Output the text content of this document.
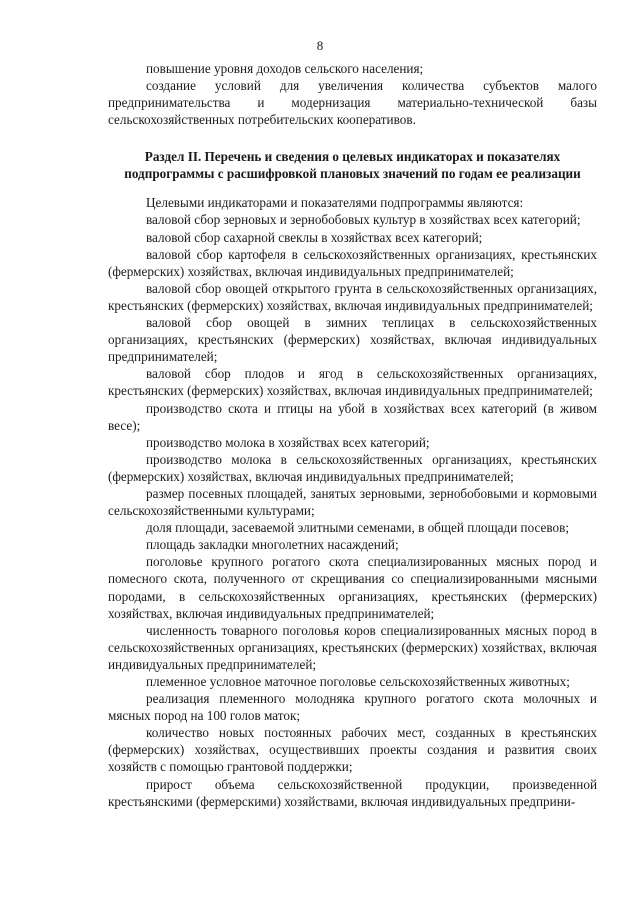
8

повышение уровня доходов сельского населения;

создание условий для увеличения количества субъектов малого предпринимательства и модернизация материально-технической базы сельскохозяйственных потребительских кооперативов.

Раздел II. Перечень и сведения о целевых индикаторах и показателях подпрограммы с расшифровкой плановых значений по годам ее реализации

Целевыми индикаторами и показателями подпрограммы являются:

валовой сбор зерновых и зернобобовых культур в хозяйствах всех категорий;

валовой сбор сахарной свеклы в хозяйствах всех категорий;

валовой сбор картофеля в сельскохозяйственных организациях, крестьянских (фермерских) хозяйствах, включая индивидуальных предпринимателей;

валовой сбор овощей открытого грунта в сельскохозяйственных организациях, крестьянских (фермерских) хозяйствах, включая индивидуальных предпринимателей;

валовой сбор овощей в зимних теплицах в сельскохозяйственных организациях, крестьянских (фермерских) хозяйствах, включая индивидуальных предпринимателей;

валовой сбор плодов и ягод в сельскохозяйственных организациях, крестьянских (фермерских) хозяйствах, включая индивидуальных предпринимателей;

производство скота и птицы на убой в хозяйствах всех категорий (в живом весе);

производство молока в хозяйствах всех категорий;

производство молока в сельскохозяйственных организациях, крестьянских (фермерских) хозяйствах, включая индивидуальных предпринимателей;

размер посевных площадей, занятых зерновыми, зернобобовыми и кормовыми сельскохозяйственными культурами;

доля площади, засеваемой элитными семенами, в общей площади посевов;

площадь закладки многолетних насаждений;

поголовье крупного рогатого скота специализированных мясных пород и помесного скота, полученного от скрещивания со специализированными мясными породами, в сельскохозяйственных организациях, крестьянских (фермерских) хозяйствах, включая индивидуальных предпринимателей;

численность товарного поголовья коров специализированных мясных пород в сельскохозяйственных организациях, крестьянских (фермерских) хозяйствах, включая индивидуальных предпринимателей;

племенное условное маточное поголовье сельскохозяйственных животных;

реализация племенного молодняка крупного рогатого скота молочных и мясных пород на 100 голов маток;

количество новых постоянных рабочих мест, созданных в крестьянских (фермерских) хозяйствах, осуществивших проекты создания и развития своих хозяйств с помощью грантовой поддержки;

прирост объема сельскохозяйственной продукции, произведенной крестьянскими (фермерскими) хозяйствами, включая индивидуальных предприни-
